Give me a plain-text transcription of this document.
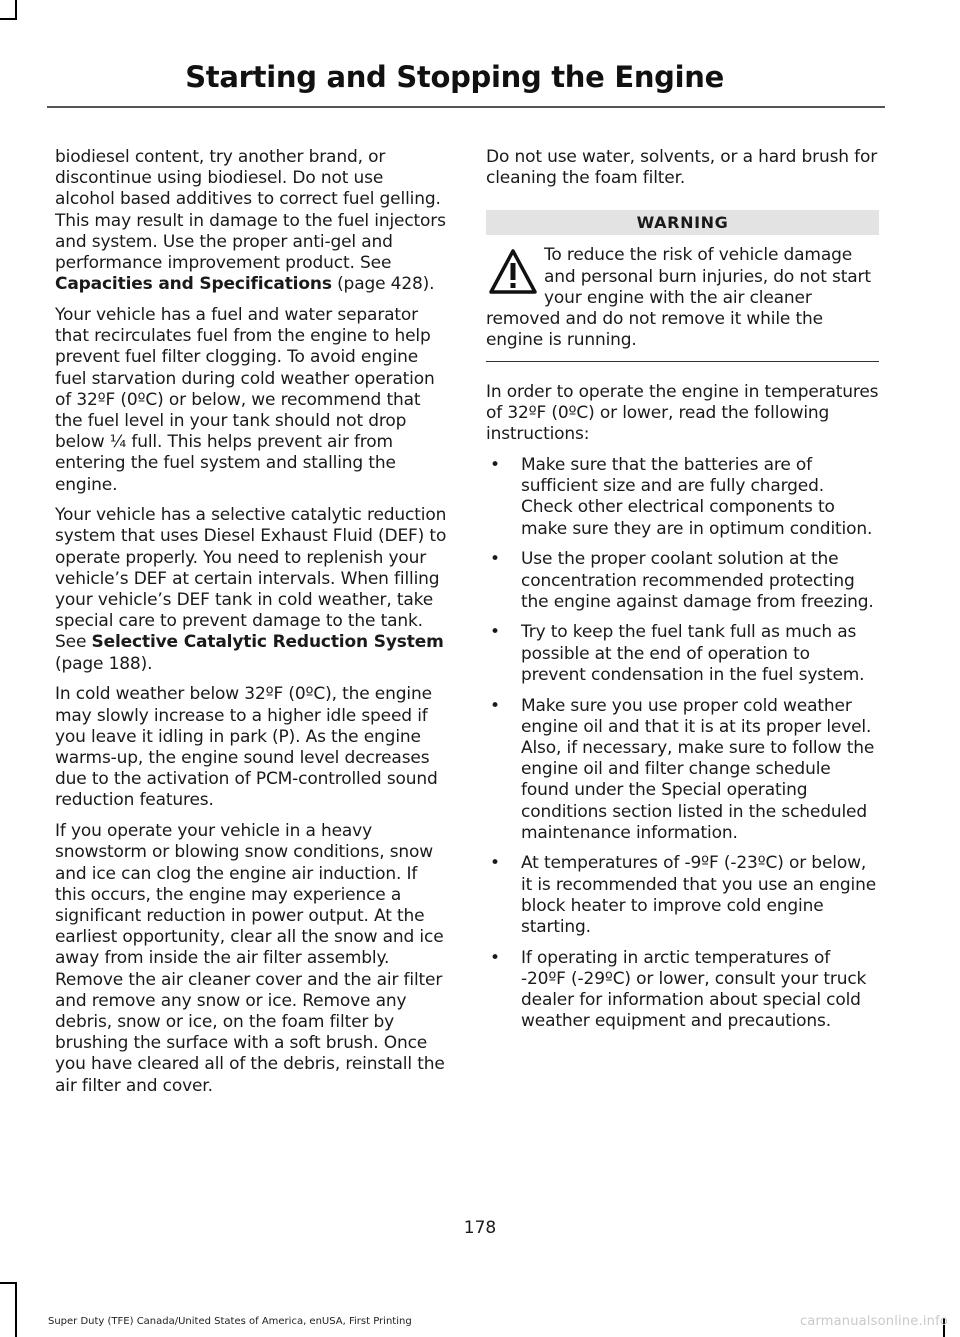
Starting and Stopping the Engine

biodiesel content, try another brand, or discontinue using biodiesel. Do not use alcohol based additives to correct fuel gelling. This may result in damage to the fuel injectors and system. Use the proper anti-gel and performance improvement product. See Capacities and Specifications (page 428).

Your vehicle has a fuel and water separator that recirculates fuel from the engine to help prevent fuel filter clogging. To avoid engine fuel starvation during cold weather operation of 32ºF (0ºC) or below, we recommend that the fuel level in your tank should not drop below ¼ full. This helps prevent air from entering the fuel system and stalling the engine.

Your vehicle has a selective catalytic reduction system that uses Diesel Exhaust Fluid (DEF) to operate properly. You need to replenish your vehicle’s DEF at certain intervals. When filling your vehicle’s DEF tank in cold weather, take special care to prevent damage to the tank. See Selective Catalytic Reduction System (page 188).

In cold weather below 32ºF (0ºC), the engine may slowly increase to a higher idle speed if you leave it idling in park (P). As the engine warms-up, the engine sound level decreases due to the activation of PCM-controlled sound reduction features.

If you operate your vehicle in a heavy snowstorm or blowing snow conditions, snow and ice can clog the engine air induction. If this occurs, the engine may experience a significant reduction in power output. At the earliest opportunity, clear all the snow and ice away from inside the air filter assembly. Remove the air cleaner cover and the air filter and remove any snow or ice. Remove any debris, snow or ice, on the foam filter by brushing the surface with a soft brush. Once you have cleared all of the debris, reinstall the air filter and cover.

Do not use water, solvents, or a hard brush for cleaning the foam filter.

WARNING

To reduce the risk of vehicle damage and personal burn injuries, do not start your engine with the air cleaner removed and do not remove it while the engine is running.

In order to operate the engine in temperatures of 32ºF (0ºC) or lower, read the following instructions:

• Make sure that the batteries are of sufficient size and are fully charged. Check other electrical components to make sure they are in optimum condition.
• Use the proper coolant solution at the concentration recommended protecting the engine against damage from freezing.
• Try to keep the fuel tank full as much as possible at the end of operation to prevent condensation in the fuel system.
• Make sure you use proper cold weather engine oil and that it is at its proper level. Also, if necessary, make sure to follow the engine oil and filter change schedule found under the Special operating conditions section listed in the scheduled maintenance information.
• At temperatures of -9ºF (-23ºC) or below, it is recommended that you use an engine block heater to improve cold engine starting.
• If operating in arctic temperatures of -20ºF (-29ºC) or lower, consult your truck dealer for information about special cold weather equipment and precautions.
178
Super Duty (TFE) Canada/United States of America, enUSA, First Printing	carmanualsonline.info
